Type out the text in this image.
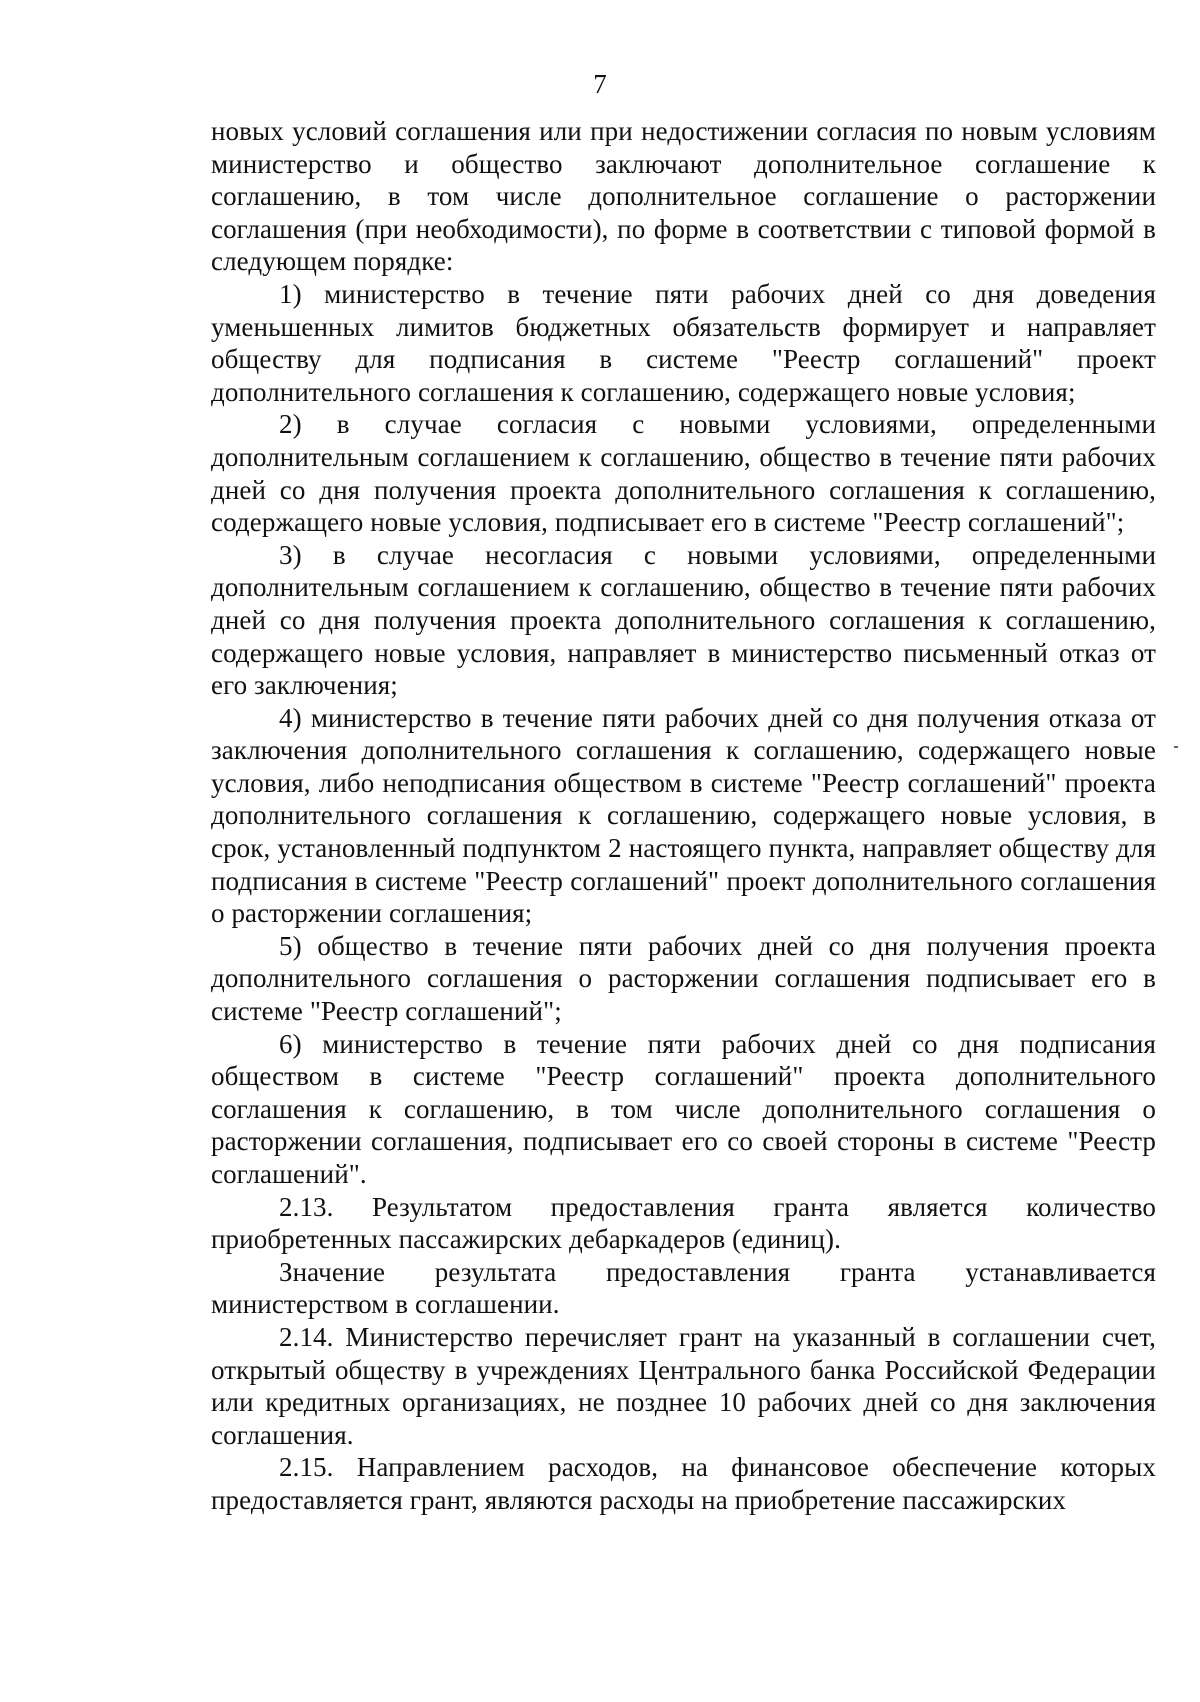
7

новых условий соглашения или при недостижении согласия по новым условиям министерство и общество заключают дополнительное соглашение к соглашению, в том числе дополнительное соглашение о расторжении соглашения (при необходимости), по форме в соответствии с типовой формой в следующем порядке:

1) министерство в течение пяти рабочих дней со дня доведения уменьшенных лимитов бюджетных обязательств формирует и направляет обществу для подписания в системе "Реестр соглашений" проект дополнительного соглашения к соглашению, содержащего новые условия;

2) в случае согласия с новыми условиями, определенными дополнительным соглашением к соглашению, общество в течение пяти рабочих дней со дня получения проекта дополнительного соглашения к соглашению, содержащего новые условия, подписывает его в системе "Реестр соглашений";

3) в случае несогласия с новыми условиями, определенными дополнительным соглашением к соглашению, общество в течение пяти рабочих дней со дня получения проекта дополнительного соглашения к соглашению, содержащего новые условия, направляет в министерство письменный отказ от его заключения;

4) министерство в течение пяти рабочих дней со дня получения отказа от заключения дополнительного соглашения к соглашению, содержащего новые условия, либо неподписания обществом в системе "Реестр соглашений" проекта дополнительного соглашения к соглашению, содержащего новые условия, в срок, установленный подпунктом 2 настоящего пункта, направляет обществу для подписания в системе "Реестр соглашений" проект дополнительного соглашения о расторжении соглашения;

5) общество в течение пяти рабочих дней со дня получения проекта дополнительного соглашения о расторжении соглашения подписывает его в системе "Реестр соглашений";

6) министерство в течение пяти рабочих дней со дня подписания обществом в системе "Реестр соглашений" проекта дополнительного соглашения к соглашению, в том числе дополнительного соглашения о расторжении соглашения, подписывает его со своей стороны в системе "Реестр соглашений".

2.13. Результатом предоставления гранта является количество приобретенных пассажирских дебаркадеров (единиц).

Значение результата предоставления гранта устанавливается министерством в соглашении.

2.14. Министерство перечисляет грант на указанный в соглашении счет, открытый обществу в учреждениях Центрального банка Российской Федерации или кредитных организациях, не позднее 10 рабочих дней со дня заключения соглашения.

2.15. Направлением расходов, на финансовое обеспечение которых предоставляется грант, являются расходы на приобретение пассажирских
